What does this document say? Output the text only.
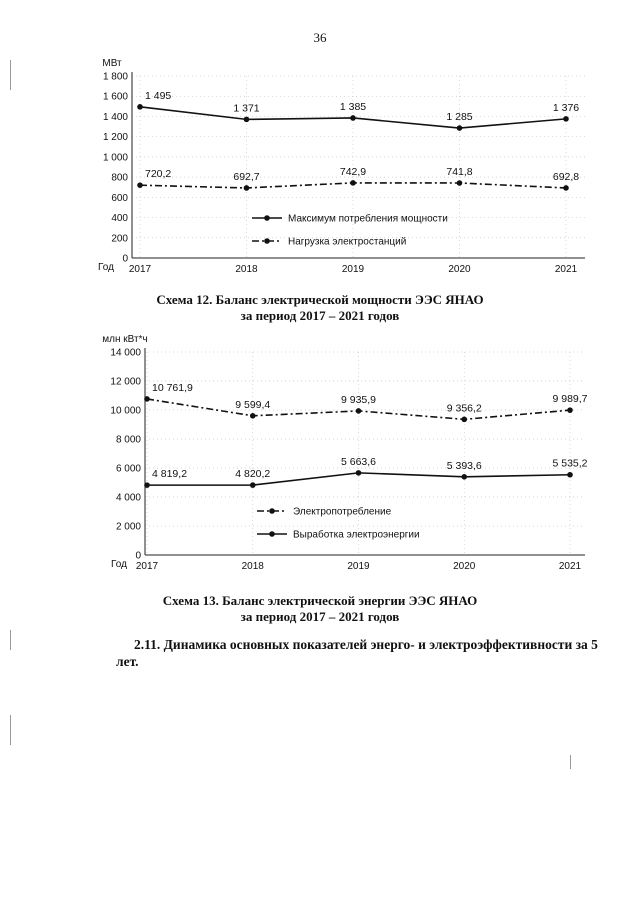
36
0
200
400
600
800
1 000
1 200
1 400
1 600
1 800
2017	2018	2019	2020	2021
МВт
Год
1 495
1 371	1 385
1 285
1 376
720,2	692,7	742,9	741,8	692,8
Максимум потребления мощности
Нагрузка электростанций
Схема 12. Баланс электрической мощности ЭЭС ЯНАО
за период 2017 – 2021 годов
0
2 000
4 000
6 000
8 000
10 000
12 000
14 000
2017	2018	2019	2020	2021
млн кВт*ч
Год
10 761,9
9 599,4	9 935,9
9 356,2
9 989,7
4 819,2	4 820,2
5 663,6	5 393,6	5 535,2
Электропотребление
Выработка электроэнергии
Схема 13. Баланс электрической энергии ЭЭС ЯНАО
за период 2017 – 2021 годов
2.11. Динамика основных показателей энерго- и электроэффективности за 5 лет.
